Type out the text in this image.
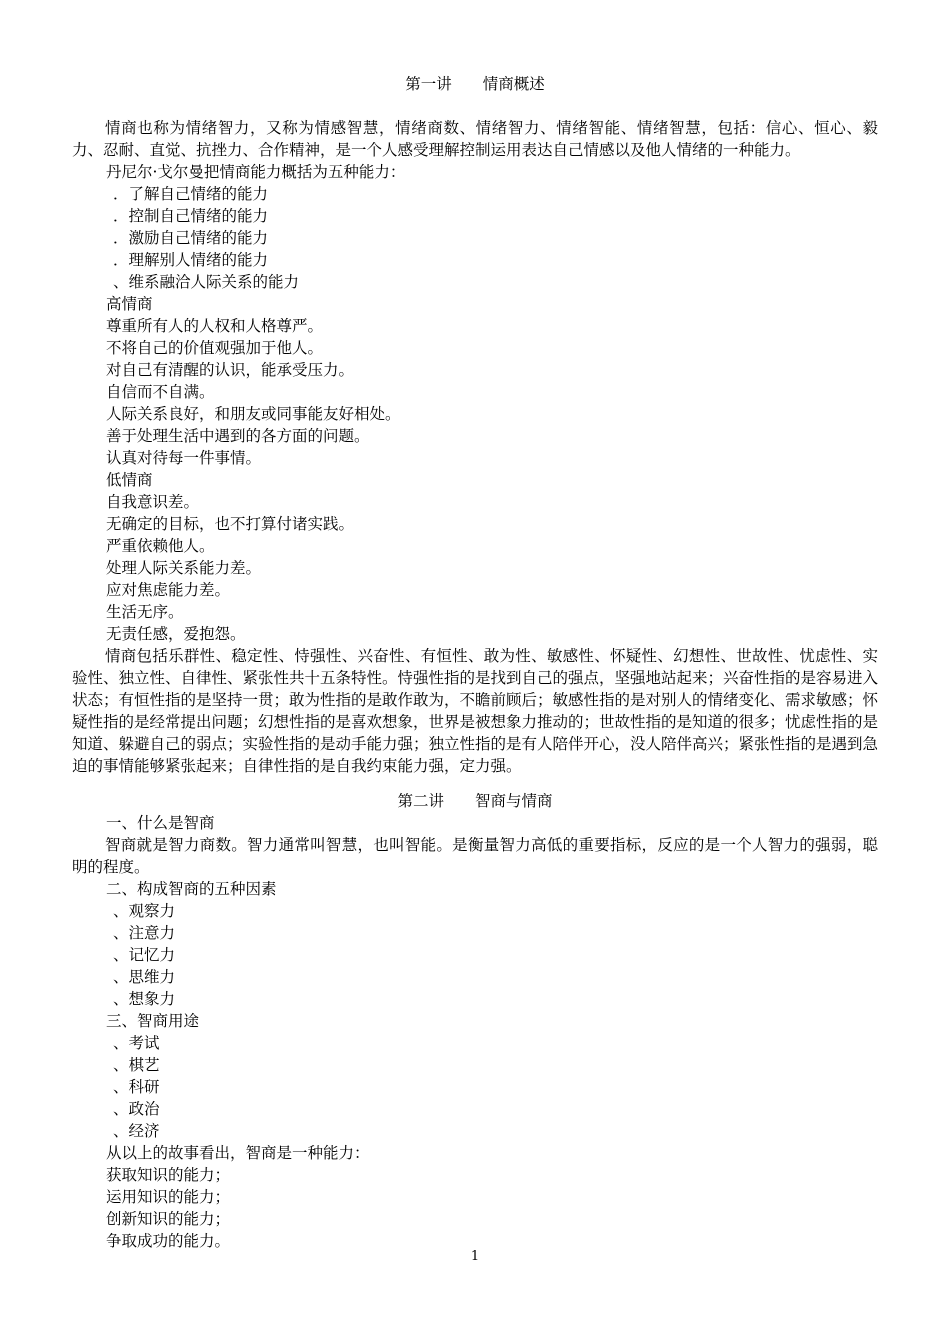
第一讲　　情商概述
情商也称为情绪智力，又称为情感智慧，情绪商数、情绪智力、情绪智能、情绪智慧，包括：信心、恒心、毅力、忍耐、直觉、抗挫力、合作精神，是一个人感受理解控制运用表达自己情感以及他人情绪的一种能力。
丹尼尔·戈尔曼把情商能力概括为五种能力：
．了解自己情绪的能力
．控制自己情绪的能力
．激励自己情绪的能力
．理解别人情绪的能力
、维系融洽人际关系的能力
高情商
尊重所有人的人权和人格尊严。
不将自己的价值观强加于他人。
对自己有清醒的认识，能承受压力。
自信而不自满。
人际关系良好，和朋友或同事能友好相处。
善于处理生活中遇到的各方面的问题。
认真对待每一件事情。
低情商
自我意识差。
无确定的目标，也不打算付诸实践。
严重依赖他人。
处理人际关系能力差。
应对焦虑能力差。
生活无序。
无责任感，爱抱怨。
情商包括乐群性、稳定性、恃强性、兴奋性、有恒性、敢为性、敏感性、怀疑性、幻想性、世故性、忧虑性、实验性、独立性、自律性、紧张性共十五条特性。恃强性指的是找到自己的强点，坚强地站起来；兴奋性指的是容易进入状态；有恒性指的是坚持一贯；敢为性指的是敢作敢为，不瞻前顾后；敏感性指的是对别人的情绪变化、需求敏感；怀疑性指的是经常提出问题；幻想性指的是喜欢想象，世界是被想象力推动的；世故性指的是知道的很多；忧虑性指的是知道、躲避自己的弱点；实验性指的是动手能力强；独立性指的是有人陪伴开心，没人陪伴高兴；紧张性指的是遇到急迫的事情能够紧张起来；自律性指的是自我约束能力强，定力强。
第二讲　　智商与情商
一、什么是智商
智商就是智力商数。智力通常叫智慧，也叫智能。是衡量智力高低的重要指标，反应的是一个人智力的强弱，聪明的程度。
二、构成智商的五种因素
、观察力
、注意力
、记忆力
、思维力
、想象力
三、智商用途
、考试
、棋艺
、科研
、政治
、经济
从以上的故事看出，智商是一种能力：
获取知识的能力；
运用知识的能力；
创新知识的能力；
争取成功的能力。
1
